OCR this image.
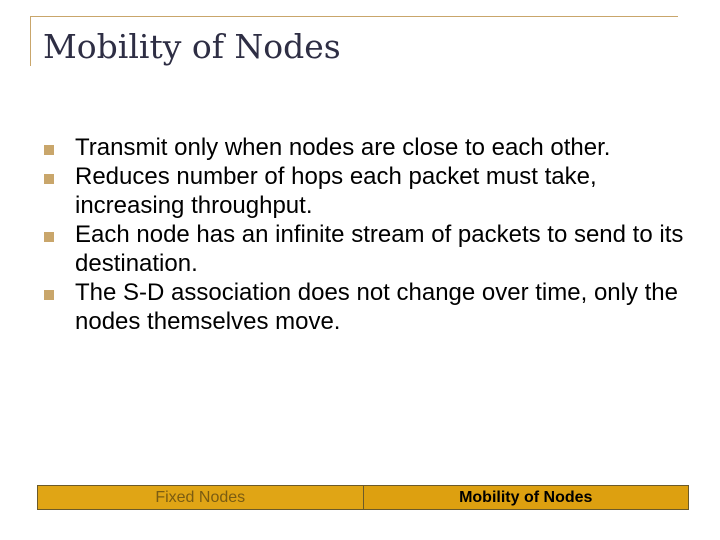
Mobility of Nodes
Transmit only when nodes are close to each other.
Reduces number of hops each packet must take, increasing throughput.
Each node has an infinite stream of packets to send to its destination.
The S-D association does not change over time, only the nodes themselves move.
Fixed Nodes	Mobility of Nodes
